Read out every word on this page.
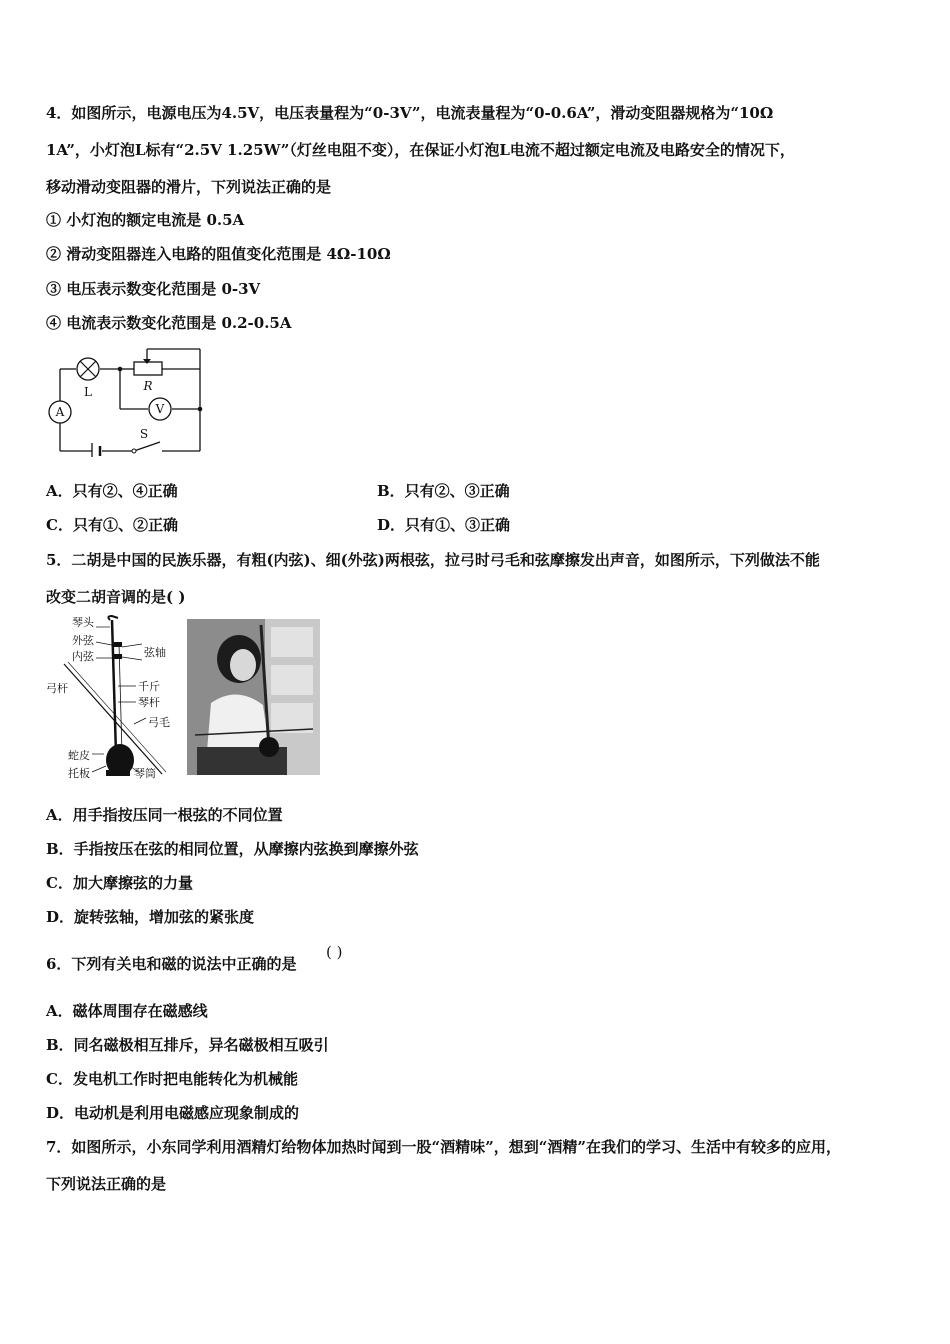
4．如图所示，电源电压为4.5V，电压表量程为“0-3V”，电流表量程为“0-0.6A”，滑动变阻器规格为“10Ω
1A”，小灯泡L标有“2.5V 1.25W”（灯丝电阻不变），在保证小灯泡L电流不超过额定电流及电路安全的情况下，
移动滑动变阻器的滑片，下列说法正确的是
① 小灯泡的额定电流是 0.5A
② 滑动变阻器连入电路的阻值变化范围是 4Ω-10Ω
③ 电压表示数变化范围是 0-3V
④ 电流表示数变化范围是 0.2-0.5A
L	R
A	V
S
A．只有②、④正确	B．只有②、③正确
C．只有①、②正确	D．只有①、③正确
5．二胡是中国的民族乐器，有粗(内弦)、细(外弦)两根弦，拉弓时弓毛和弦摩擦发出声音，如图所示，下列做法不能
改变二胡音调的是( )
琴头
外弦
内弦	弦轴
弓杆	千斤
琴杆
弓毛
蛇皮
托板	琴筒
A．用手指按压同一根弦的不同位置
B．手指按压在弦的相同位置，从摩擦内弦换到摩擦外弦
C．加大摩擦弦的力量
D．旋转弦轴，增加弦的紧张度
6．下列有关电和磁的说法中正确的是
( )
A．磁体周围存在磁感线
B．同名磁极相互排斥，异名磁极相互吸引
C．发电机工作时把电能转化为机械能
D．电动机是利用电磁感应现象制成的
7．如图所示，小东同学利用酒精灯给物体加热时闻到一股“酒精味”，想到“酒精”在我们的学习、生活中有较多的应用，
下列说法正确的是
